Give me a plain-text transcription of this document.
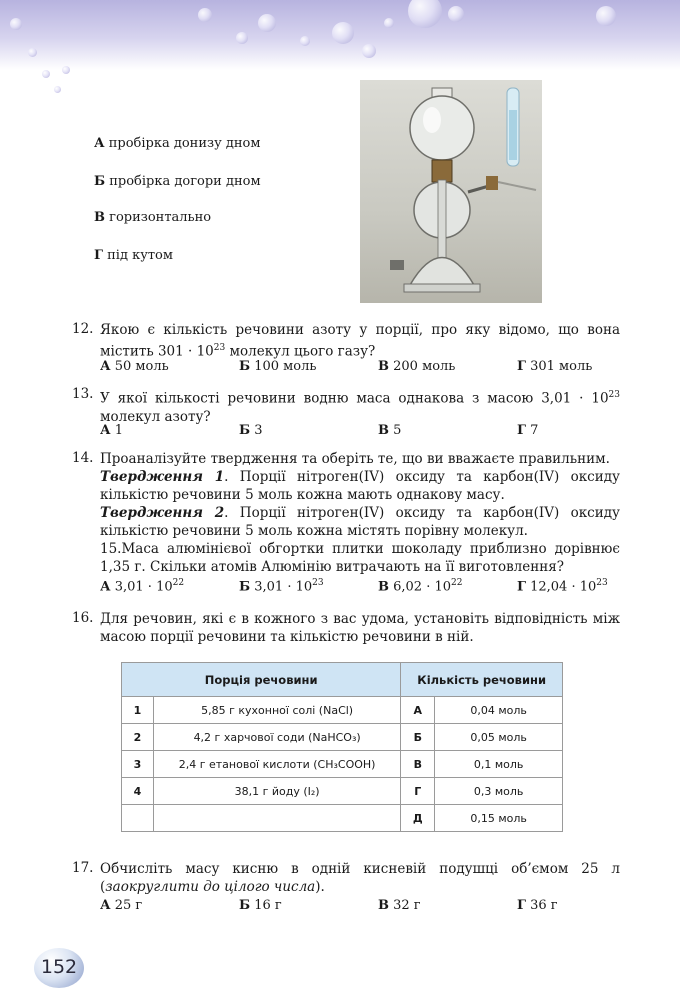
А пробірка донизу дном
Б пробірка догори дном
В горизонтально
Г під кутом
12. Якою є кількість речовини азоту у порції, про яку відомо, що вона містить $301 \cdot 10^{23}$ молекул цього газу?
А 50 моль	Б 100 моль	В 200 моль	Г 301 моль
13. У якої кількості речовини водню маса однакова з масою $3,01 \cdot 10^{23}$ молекул азоту?
А 1	Б 3	В 5	Г 7
14. Проаналізуйте твердження та оберіть те, що ви вважаєте правильним.
Твердження 1. Порції нітроген(IV) оксиду та карбон(IV) оксиду кількістю речовини 5 моль кожна мають однакову масу.
Твердження 2. Порції нітроген(IV) оксиду та карбон(IV) оксиду кількістю речовини 5 моль кожна містять порівну молекул.
15.Маса алюмінієвої обгортки плитки шоколаду приблизно дорівнює 1,35 г. Скільки атомів Алюмінію витрачають на її виготовлення?
А $3,01 \cdot 10^{22}$	Б $3,01 \cdot 10^{23}$	В $6,02 \cdot 10^{22}$	Г $12,04 \cdot 10^{23}$
16. Для речовин, які є в кожного з вас удома, установіть відповідність між масою порції речовини та кількістю речовини в ній.
Порція речовини		Кількість речовини	
1	5,85 г кухонної солі (NaCl)	А	0,04 моль
2	4,2 г харчової соди (NaHCO₃)	Б	0,05 моль
3	2,4 г етанової кислоти (CH₃COOH)	В	0,1 моль
4	38,1 г йоду (I₂)	Г	0,3 моль
		Д	0,15 моль
17. Обчисліть масу кисню в одній кисневій подушці об’ємом 25 л (заокруглити до цілого числа).
А 25 г	Б 16 г	В 32 г	Г 36 г
152
